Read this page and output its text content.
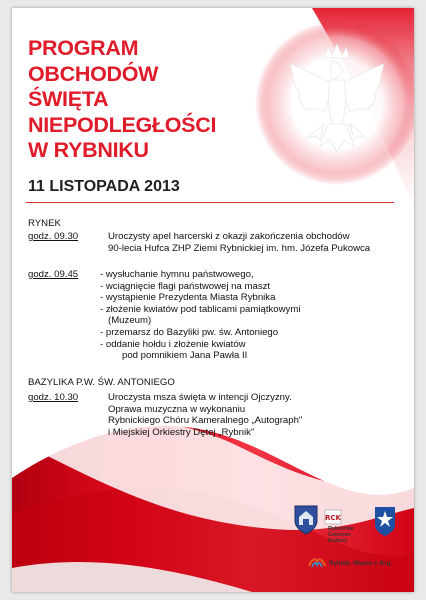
PROGRAM
OBCHODÓW
ŚWIĘTA
NIEPODLEGŁOŚCI
W RYBNIKU
11 LISTOPADA 2013
RYNEK
godz. 09.30	Uroczysty apel harcerski z okazji zakończenia obchodów
90-lecia Hufca ZHP Ziemi Rybnickiej im. hm. Józefa Pukowca
godz. 09.45 - wysłuchanie hymnu państwowego,
- wciągnięcie flagi państwowej na maszt
- wystąpienie Prezydenta Miasta Rybnika
- złożenie kwiatów pod tablicami pamiątkowymi
(Muzeum)
- przemarsz do Bazyliki pw. św. Antoniego
- oddanie hołdu i złożenie kwiatów
pod pomnikiem Jana Pawła II
BAZYLIKA P.W. ŚW. ANTONIEGO
godz. 10.30	Uroczysta msza święta w intencji Ojczyzny.
Oprawa muzyczna w wykonaniu
Rybnickiego Chóru Kameralnego „Autograph"
i Miejskiej Orkiestry Dętej „Rybnik"
RCK
Rybnickie
Centrum
Kultury
Rybnik. Miasto z ikrą.
